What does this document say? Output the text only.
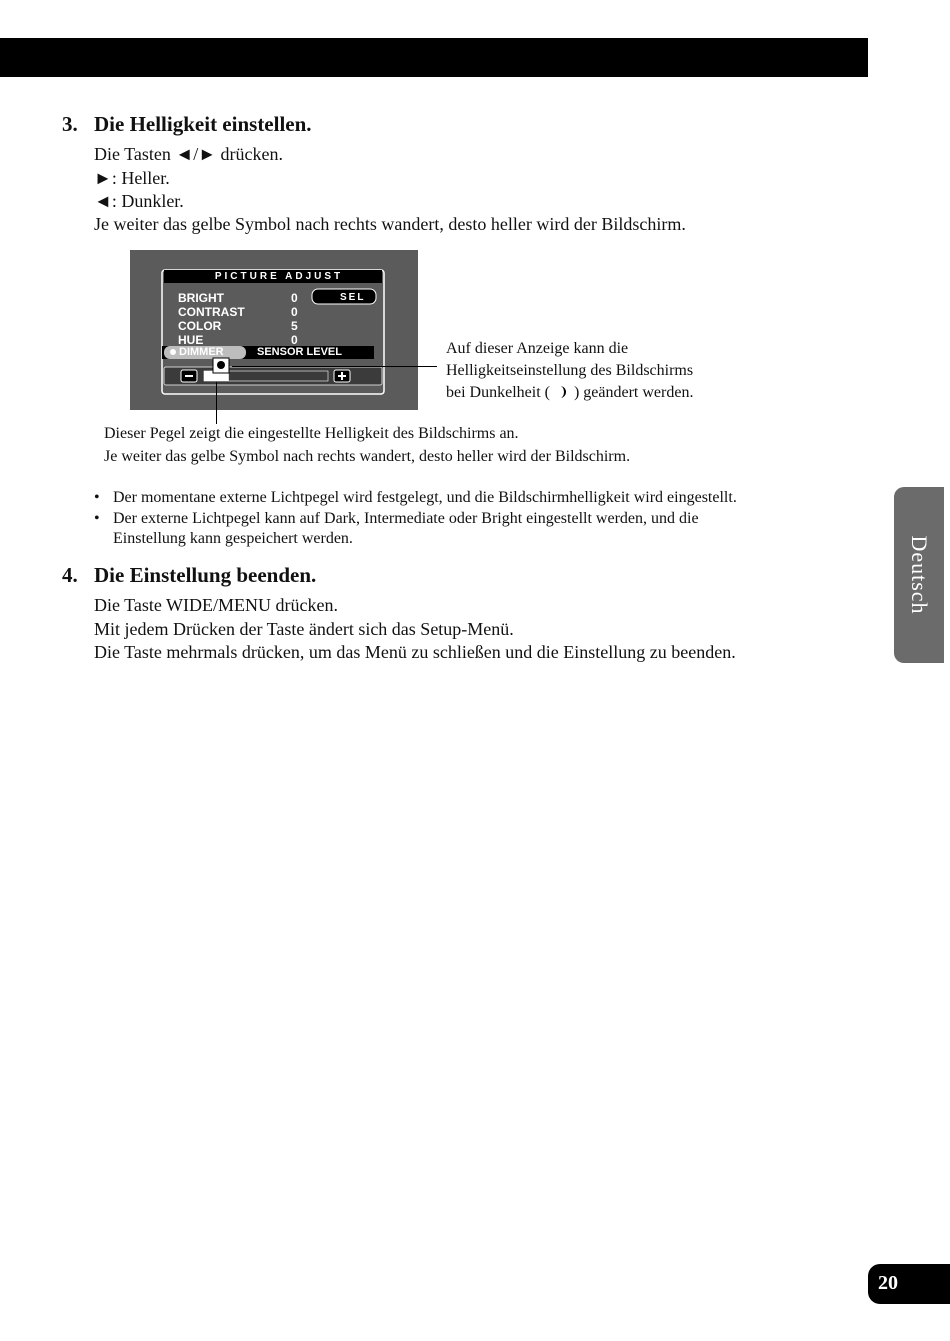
3. Die Helligkeit einstellen.
Die Tasten ◄/► drücken.
►: Heller.
◄: Dunkler.
Je weiter das gelbe Symbol nach rechts wandert, desto heller wird der Bildschirm.
PICTURE ADJUST
BRIGHT
CONTRAST
COLOR
HUE
0
0
5
0
SEL
DIMMER	SENSOR LEVEL	Auf dieser Anzeige kann die
Helligkeitseinstellung des Bildschirms
bei Dunkelheit ( ) geändert werden.
Dieser Pegel zeigt die eingestellte Helligkeit des Bildschirms an.
Je weiter das gelbe Symbol nach rechts wandert, desto heller wird der Bildschirm.
• Der momentane externe Lichtpegel wird festgelegt, und die Bildschirmhelligkeit wird eingestellt.
• Der externe Lichtpegel kann auf Dark, Intermediate oder Bright eingestellt werden, und die
Einstellung kann gespeichert werden.
4. Die Einstellung beenden.
Die Taste WIDE/MENU drücken.
Mit jedem Drücken der Taste ändert sich das Setup-Menü.
Die Taste mehrmals drücken, um das Menü zu schließen und die Einstellung zu beenden.
Deutsch
20
